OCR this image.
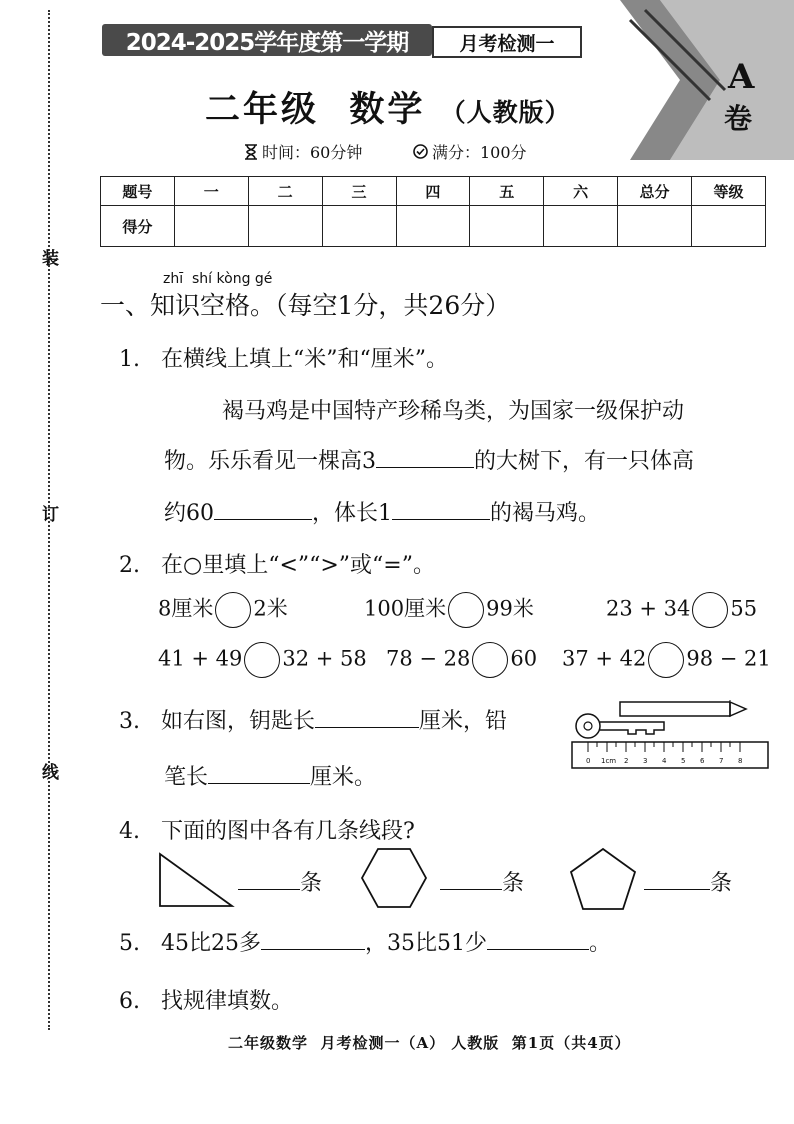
装
订
线
2024-2025学年度第一学期	月考检测一
A
卷
二年级  数学 （人教版）
时间：60分钟	满分：100分
题号	一	二	三	四	五	六	总分	等级
得分								
zhī  shí kòng gé
一、知识空格。（每空1分，共26分）
1. 在横线上填上“米”和“厘米”。
褐马鸡是中国特产珍稀鸟类，为国家一级保护动
物。乐乐看见一棵高3	的大树下，有一只体高
约60	，体长1	的褐马鸡。
2. 在○里填上“<”“>”或“=”。
8厘米 2米	100厘米 99米	23 + 34 55
41 + 49 32 + 58 78 − 28 60 37 + 42 98 − 21
3. 如右图，钥匙长	厘米，铅
笔长	厘米。
0 1cm 2 3 4 5 6 7 8
4. 下面的图中各有几条线段?
条	条	条
5. 45比25多	，35比51少	。
6. 找规律填数。
二年级数学  月考检测一（A） 人教版  第1页（共4页）
